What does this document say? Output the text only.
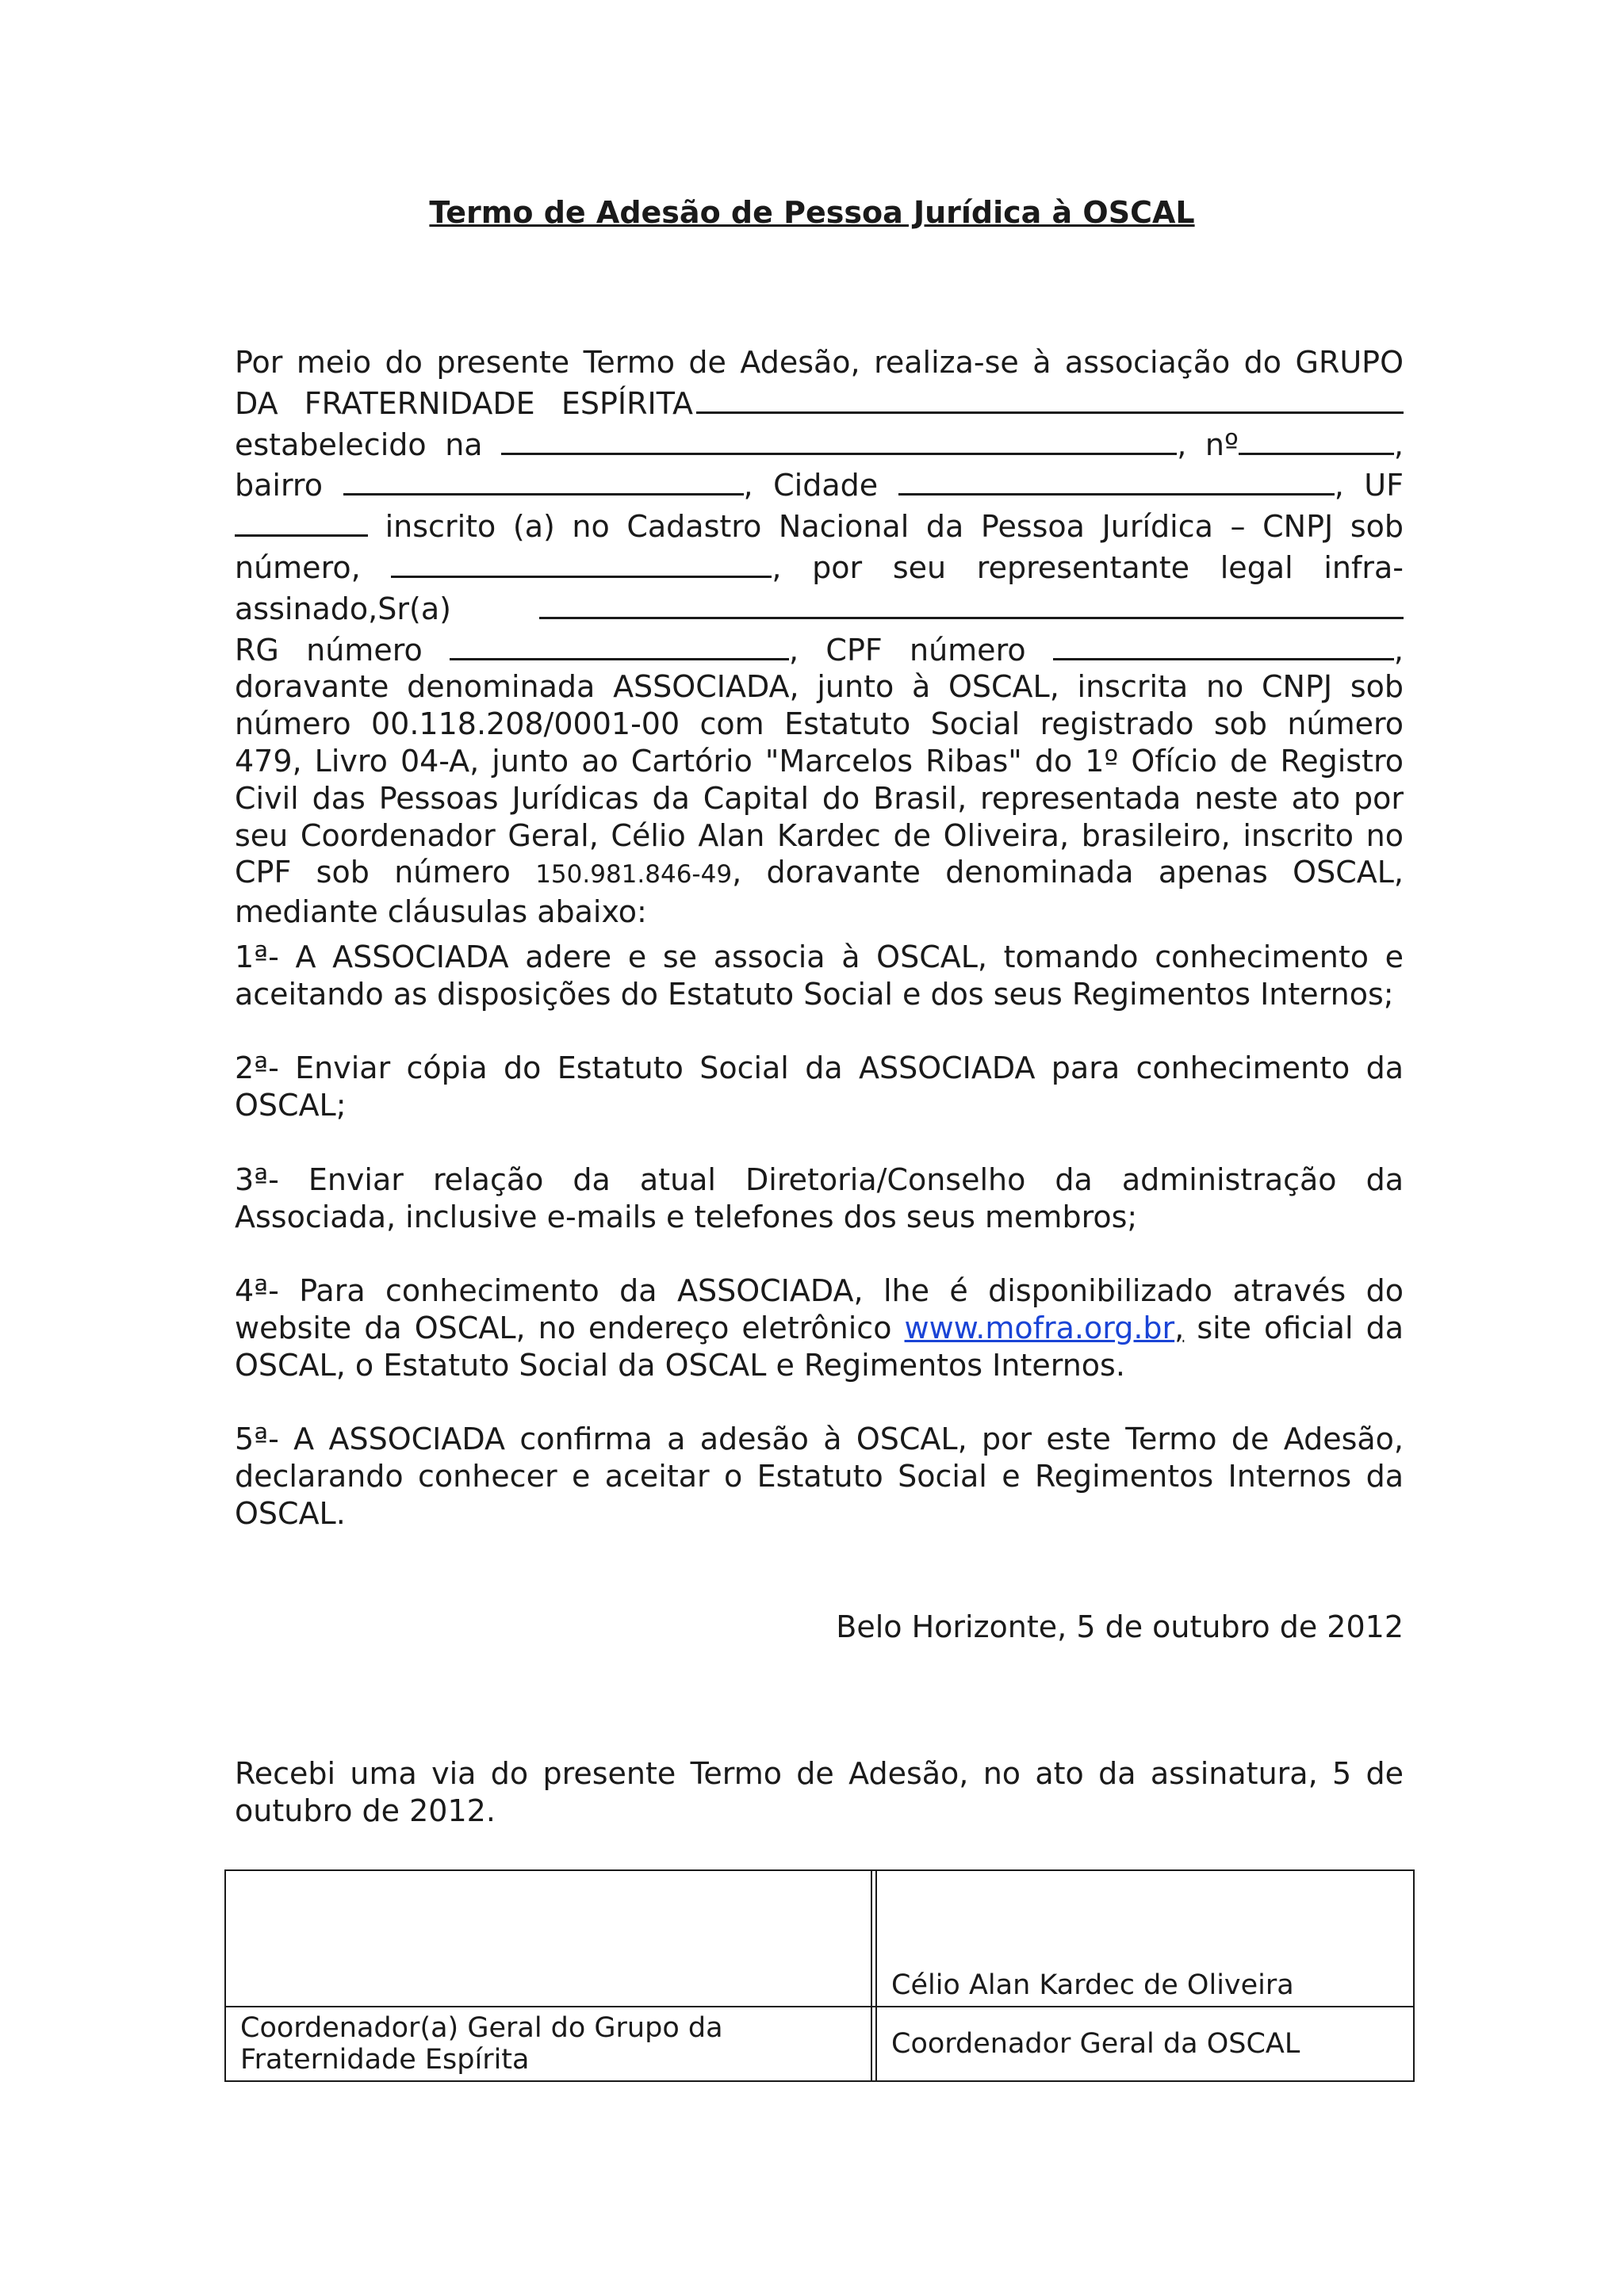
Termo de Adesão de Pessoa Jurídica à OSCAL
Por meio do presente Termo de Adesão, realiza-se à associação do GRUPO
DA FRATERNIDADE ESPÍRITA
estabelecido na	, nº	,
bairro	, Cidade	, UF
inscrito (a) no Cadastro Nacional da Pessoa Jurídica – CNPJ sob
número,	, por seu representante legal infra-
assinado,Sr(a)
RG número	, CPF número	,
doravante denominada ASSOCIADA, junto à OSCAL, inscrita no CNPJ sob
número 00.118.208/0001-00 com Estatuto Social registrado sob número
479, Livro 04-A, junto ao Cartório "Marcelos Ribas" do 1º Ofício de Registro
Civil das Pessoas Jurídicas da Capital do Brasil, representada neste ato por
seu Coordenador Geral, Célio Alan Kardec de Oliveira, brasileiro, inscrito no
CPF sob número 150.981.846-49, doravante denominada apenas OSCAL,
mediante cláusulas abaixo:

1ª- A ASSOCIADA adere e se associa à OSCAL, tomando conhecimento e aceitando as disposições do Estatuto Social e dos seus Regimentos Internos;

2ª- Enviar cópia do Estatuto Social da ASSOCIADA para conhecimento da OSCAL;

3ª- Enviar relação da atual Diretoria/Conselho da administração da Associada, inclusive e-mails e telefones dos seus membros;

4ª- Para conhecimento da ASSOCIADA, lhe é disponibilizado através do website da OSCAL, no endereço eletrônico www.mofra.org.br, site oficial da OSCAL, o Estatuto Social da OSCAL e Regimentos Internos.

5ª- A ASSOCIADA confirma a adesão à OSCAL, por este Termo de Adesão, declarando conhecer e aceitar o Estatuto Social e Regimentos Internos da OSCAL.

Belo Horizonte, 5 de outubro de 2012

Recebi uma via do presente Termo de Adesão, no ato da assinatura, 5 de outubro de 2012.

		Célio Alan Kardec de Oliveira
Coordenador(a) Geral do Grupo da Fraternidade Espírita		Coordenador Geral da OSCAL
